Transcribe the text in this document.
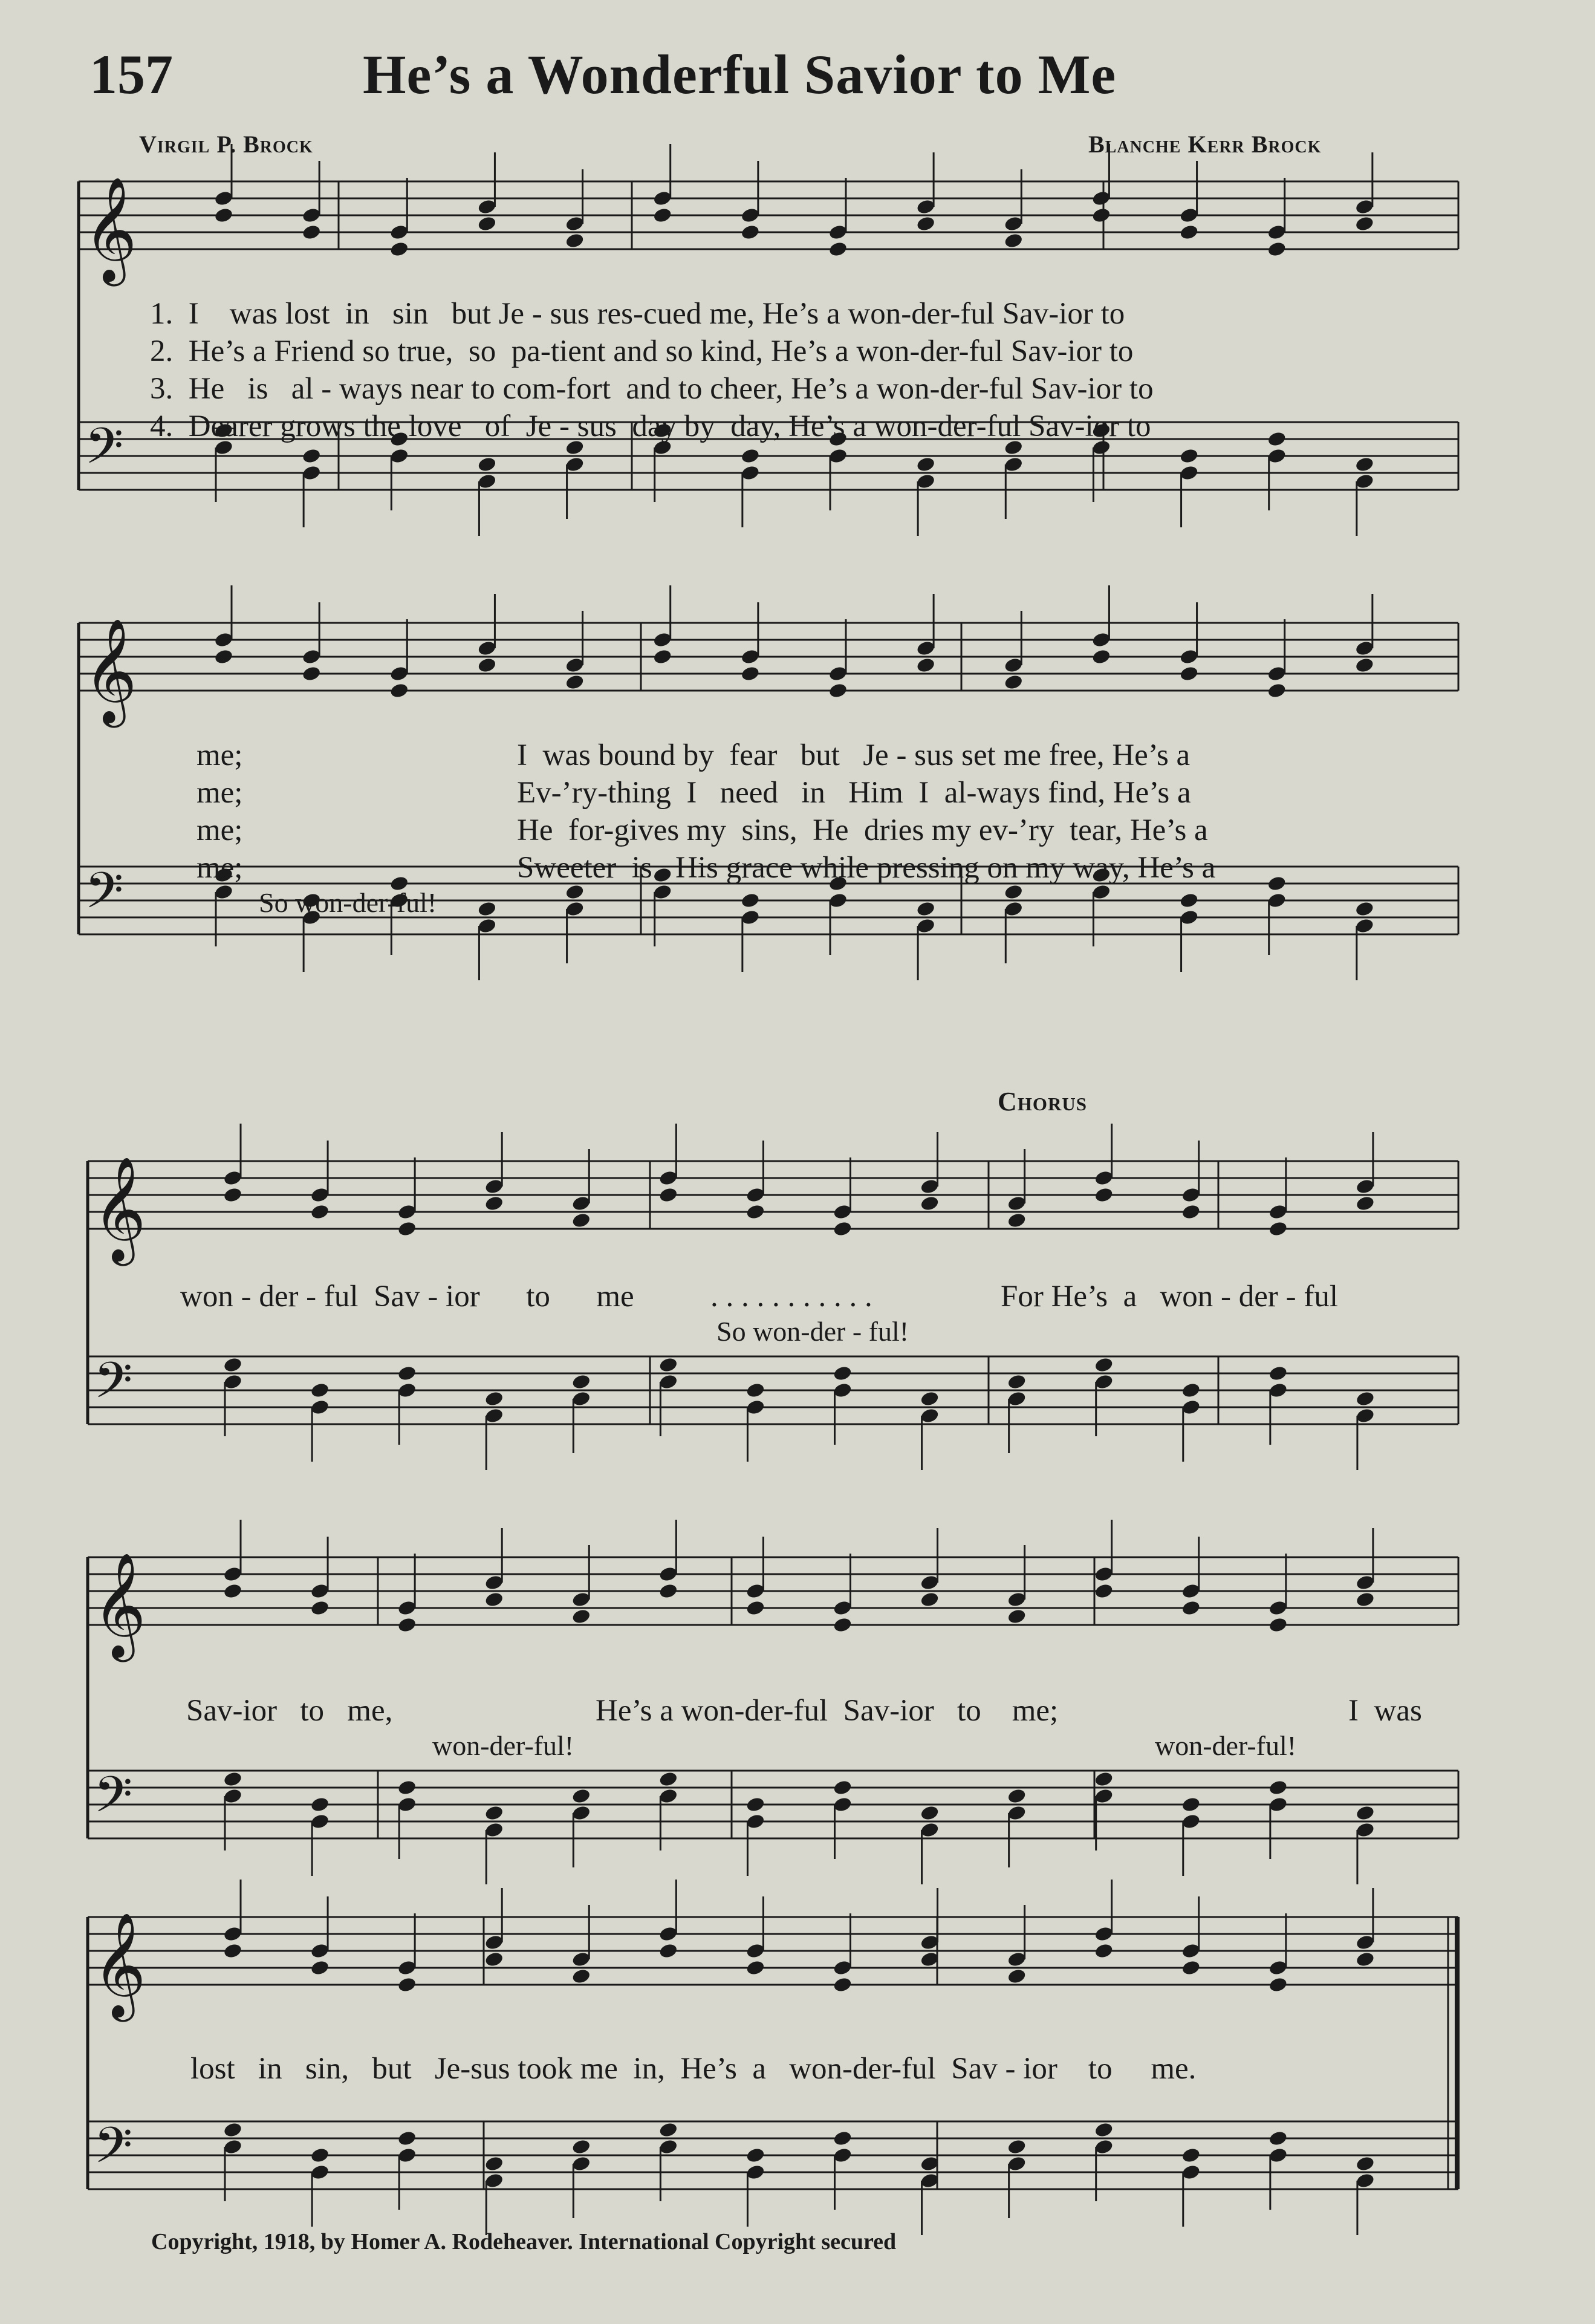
157	He’s a Wonderful Savior to Me
Virgil P. Brock	Blanche Kerr Brock
𝄞
𝄢
𝄞
𝄢
𝄞
𝄢
𝄞
𝄢
𝄞
𝄢
1.  I    was lost  in   sin   but Je - sus res-cued me, He’s a won-der-ful Sav-ior to
2.  He’s a Friend so true,  so  pa-tient and so kind, He’s a won-der-ful Sav-ior to
3.  He   is   al - ways near to com-fort  and to cheer, He’s a won-der-ful Sav-ior to
4.  Dearer grows the love   of  Je - sus  day by  day, He’s a won-der-ful Sav-ior to
me;
me;
me;
me;
I  was bound by  fear   but   Je - sus set me free, He’s a
Ev-’ry-thing  I   need   in   Him  I  al-ways find, He’s a
He  for-gives my  sins,  He  dries my ev-’ry  tear, He’s a
Sweeter  is   His grace while pressing on my way, He’s a
So won-der-ful!
Chorus
won - der - ful  Sav - ior      to      me . . . . . . . . . . .	For He’s  a   won - der - ful
So won-der - ful!
Sav-ior   to   me,	He’s a won-der-ful  Sav-ior   to    me;	I  was
won-der-ful!	won-der-ful!
lost   in   sin,   but   Je-sus took me  in,  He’s  a   won-der-ful  Sav - ior    to     me.
Copyright, 1918, by Homer A. Rodeheaver. International Copyright secured
